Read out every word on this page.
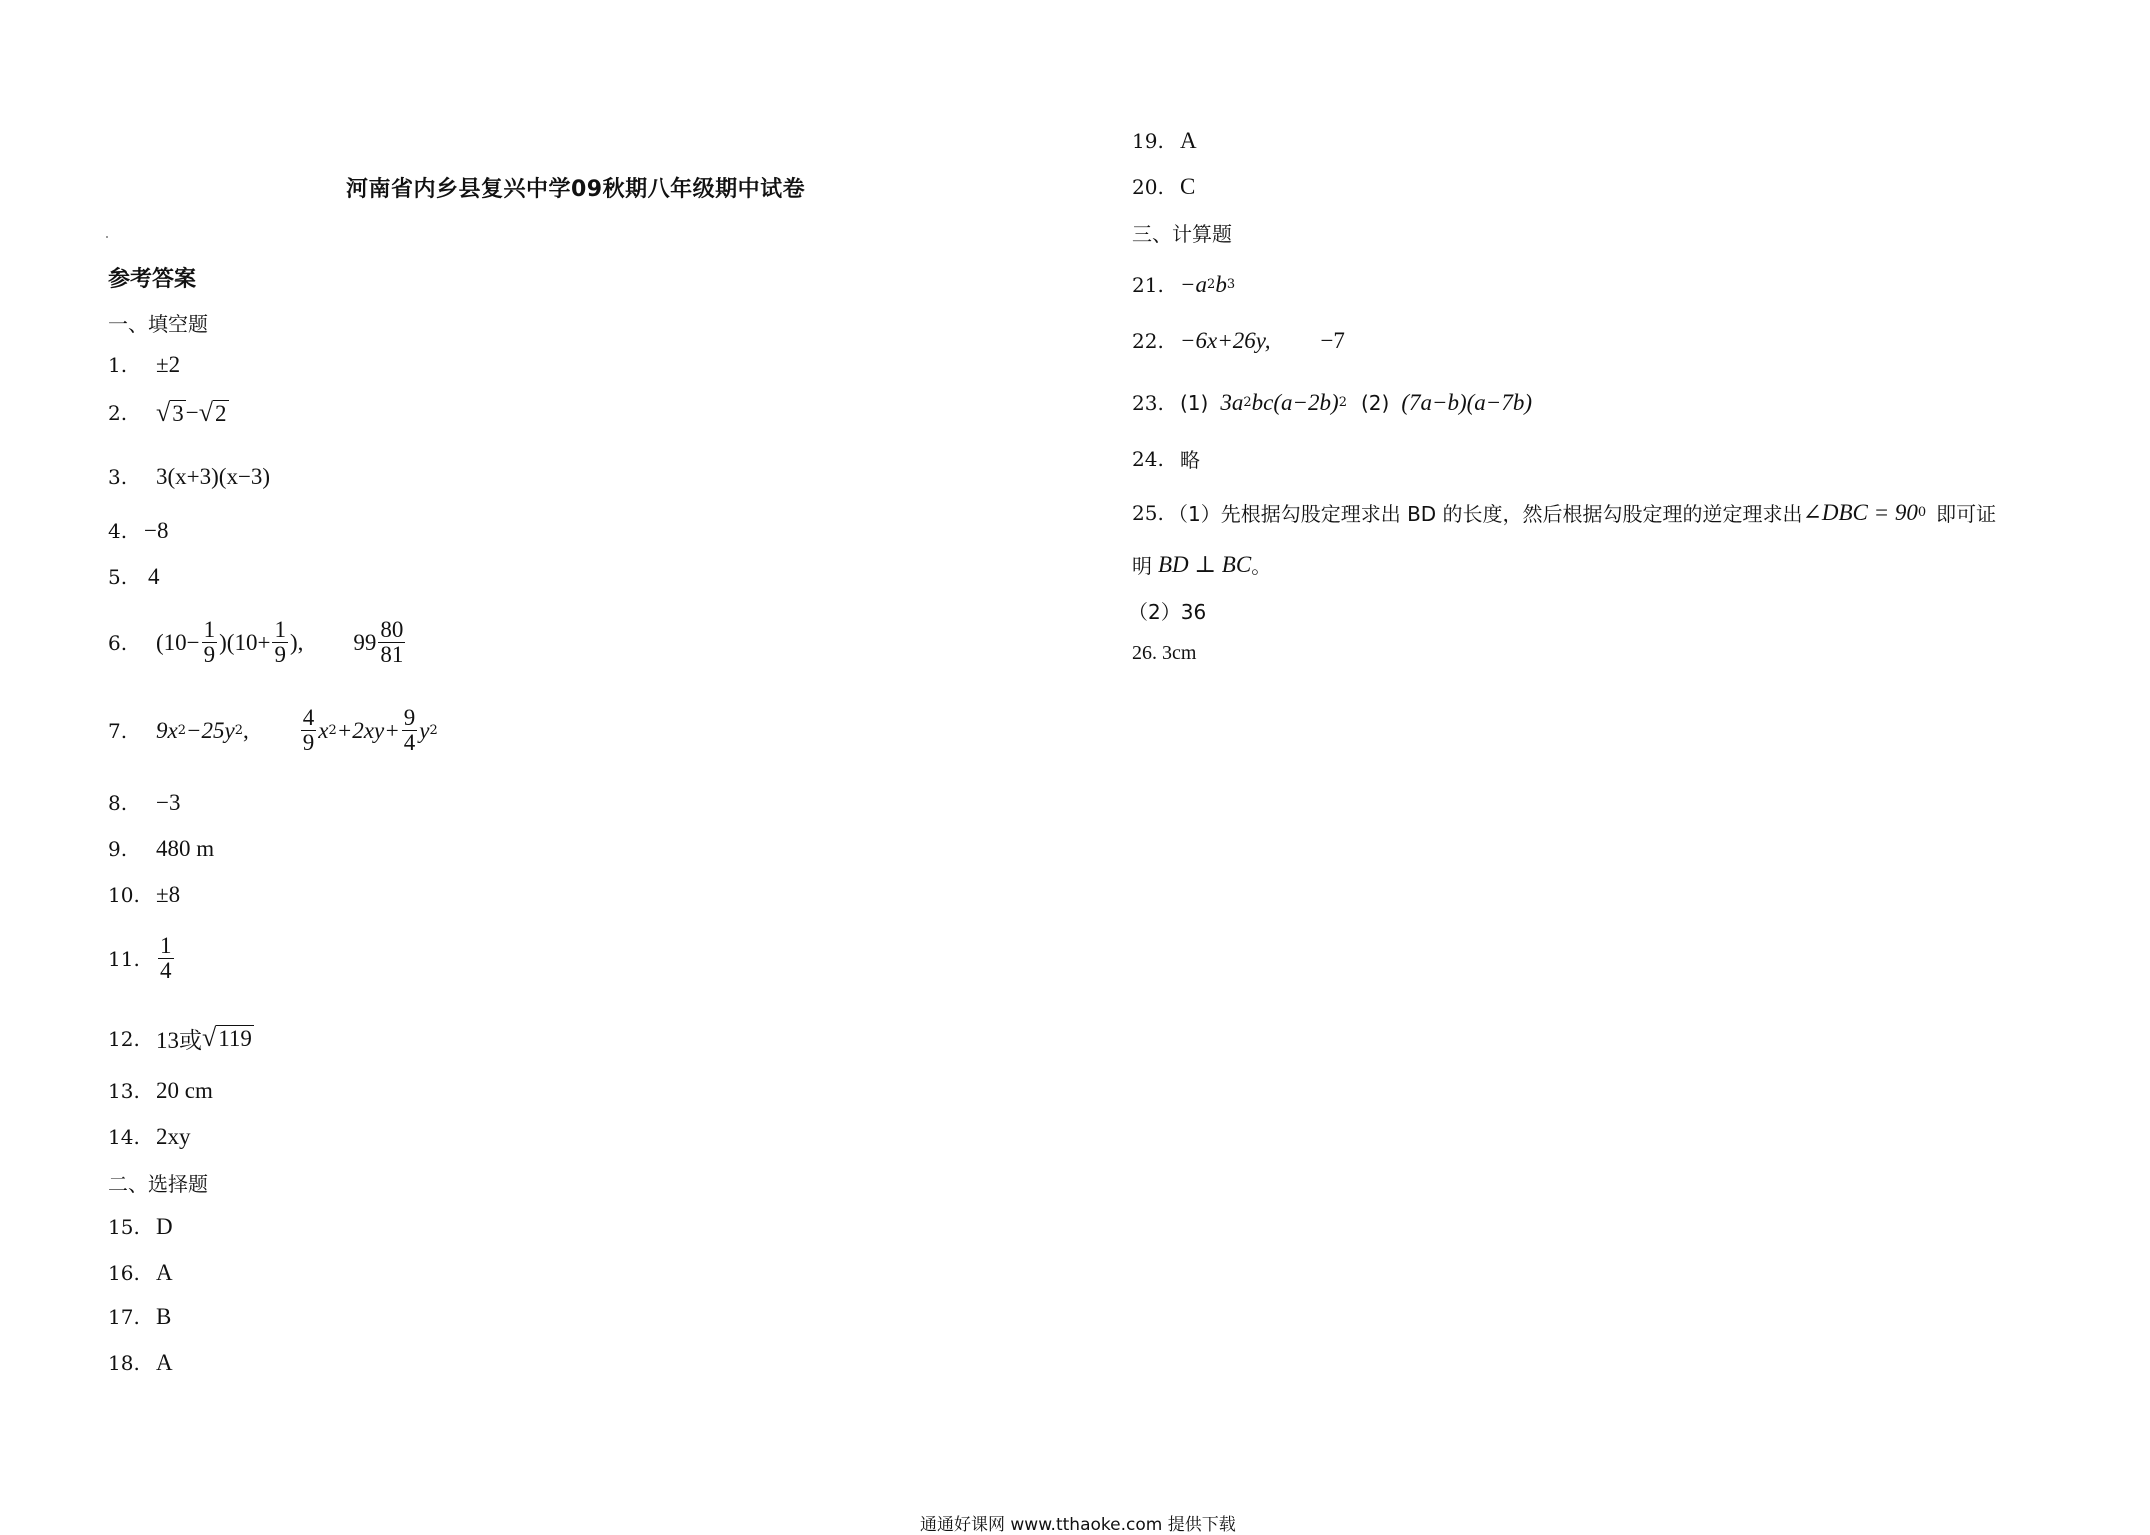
河南省内乡县复兴中学09秋期八年级期中试卷
参考答案
一、填空题
1.	±2
2.	√ 3 − √ 2
3.	3(x+3)(x−3)
4. −8
5. 4
6.	$(10- \frac{1}{9} )(10+ \frac{1}{9}$ ), $99 \frac{80}{81}$
7.	9x 2 −25y 2 , $\frac{4}{9}$ x $2 +2xy+ \frac{9}{4}$ y 2
8.	−3
9.	480 m
10. ±8
11. $\frac{1}{4}$
12. 13或 √ 119
13. 20 cm
14. 2xy
二、选择题
15. D
16. A
17. B
18. A
19. A
20. C
三、计算题
21. −a 2 b 3
22. −6x+26y, −7
23. (1) 3a 2 bc(a−2b) 2 (2) (7a−b)(a−7b)
24. 略
25. （1）先根据勾股定理求出 BD 的长度，然后根据勾股定理的逆定理求出 ∠DBC = 90 0 即可证
明 BD ⊥ BC 。
（2）36
26. 3cm
通通好课网 www.tthaoke.com 提供下载
